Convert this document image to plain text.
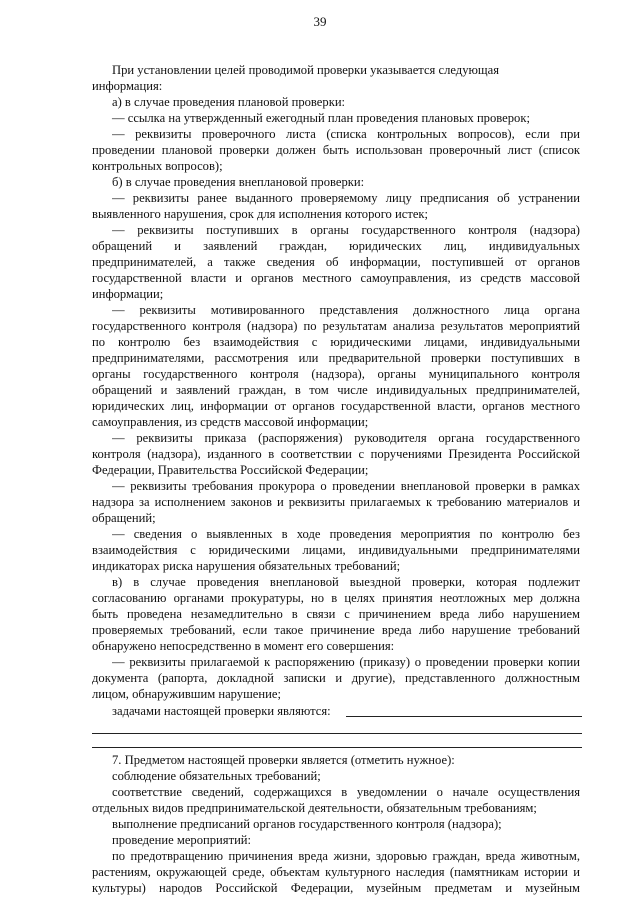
39
При установлении целей проводимой проверки указывается следующая
информация:
а) в случае проведения плановой проверки:
— ссылка на утвержденный ежегодный план проведения плановых проверок;
— реквизиты проверочного листа (списка контрольных вопросов), если при
проведении плановой проверки должен быть использован проверочный лист (список
контрольных вопросов);
б) в случае проведения внеплановой проверки:
— реквизиты ранее выданного проверяемому лицу предписания об устранении
выявленного нарушения, срок для исполнения которого истек;
— реквизиты поступивших в органы государственного контроля (надзора)
обращений и заявлений граждан, юридических лиц, индивидуальных
предпринимателей, а также сведения об информации, поступившей от органов
государственной власти и органов местного самоуправления, из средств массовой
информации;
— реквизиты мотивированного представления должностного лица органа
государственного контроля (надзора) по результатам анализа результатов мероприятий
по контролю без взаимодействия с юридическими лицами, индивидуальными
предпринимателями, рассмотрения или предварительной проверки поступивших в
органы государственного контроля (надзора), органы муниципального контроля
обращений и заявлений граждан, в том числе индивидуальных предпринимателей,
юридических лиц, информации от органов государственной власти, органов местного
самоуправления, из средств массовой информации;
— реквизиты приказа (распоряжения) руководителя органа государственного
контроля (надзора), изданного в соответствии с поручениями Президента Российской
Федерации, Правительства Российской Федерации;
— реквизиты требования прокурора о проведении внеплановой проверки в рамках
надзора за исполнением законов и реквизиты прилагаемых к требованию материалов и
обращений;
— сведения о выявленных в ходе проведения мероприятия по контролю без
взаимодействия с юридическими лицами, индивидуальными предпринимателями
индикаторах риска нарушения обязательных требований;
в) в случае проведения внеплановой выездной проверки, которая подлежит
согласованию органами прокуратуры, но в целях принятия неотложных мер должна
быть проведена незамедлительно в связи с причинением вреда либо нарушением
проверяемых требований, если такое причинение вреда либо нарушение требований
обнаружено непосредственно в момент его совершения:
— реквизиты прилагаемой к распоряжению (приказу) о проведении проверки копии
документа (рапорта, докладной записки и другие), представленного должностным
лицом, обнаружившим нарушение;
задачами настоящей проверки являются:
7. Предметом настоящей проверки является (отметить нужное):
соблюдение обязательных требований;
соответствие сведений, содержащихся в уведомлении о начале осуществления
отдельных видов предпринимательской деятельности, обязательным требованиям;
выполнение предписаний органов государственного контроля (надзора);
проведение мероприятий:
по предотвращению причинения вреда жизни, здоровью граждан, вреда животным,
растениям, окружающей среде, объектам культурного наследия (памятникам истории и
культуры) народов Российской Федерации, музейным предметам и музейным
